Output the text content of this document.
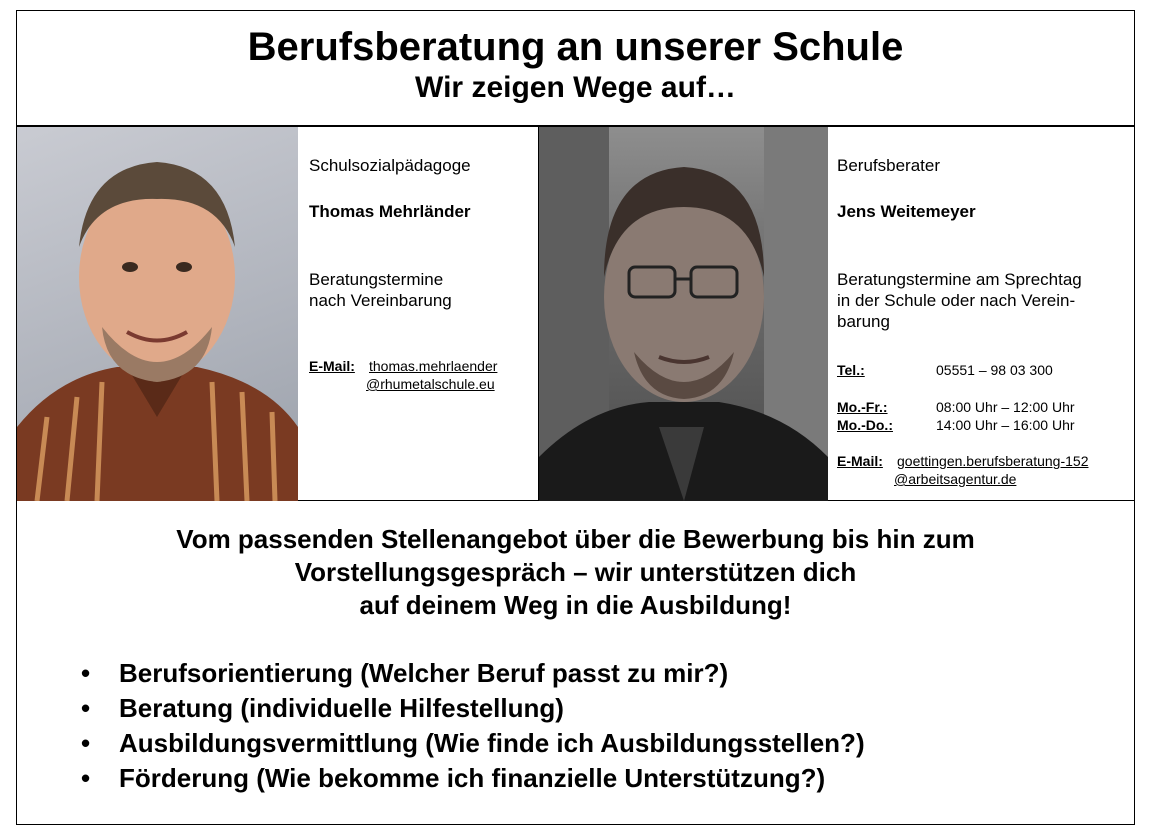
Berufsberatung an unserer Schule
Wir zeigen Wege auf…

Schulsozialpädagoge

Thomas Mehrländer

Beratungstermine

nach Vereinbarung

E-Mail: thomas.mehrlaender
@rhumetalschule.eu

Berufsberater

Jens Weitemeyer

Beratungstermine am Sprechtag

in der Schule oder nach Verein-

barung

Tel.:	05551 – 98 03 300
Mo.-Fr.:	08:00 Uhr – 12:00 Uhr
Mo.-Do.:	14:00 Uhr – 16:00 Uhr
E-Mail: goettingen.berufsberatung-152
@arbeitsagentur.de
Vom passenden Stellenangebot über die Bewerbung bis hin zum
Vorstellungsgespräch – wir unterstützen dich
auf deinem Weg in die Ausbildung!
• Berufsorientierung (Welcher Beruf passt zu mir?)
• Beratung (individuelle Hilfestellung)
• Ausbildungsvermittlung (Wie finde ich Ausbildungsstellen?)
• Förderung (Wie bekomme ich finanzielle Unterstützung?)
